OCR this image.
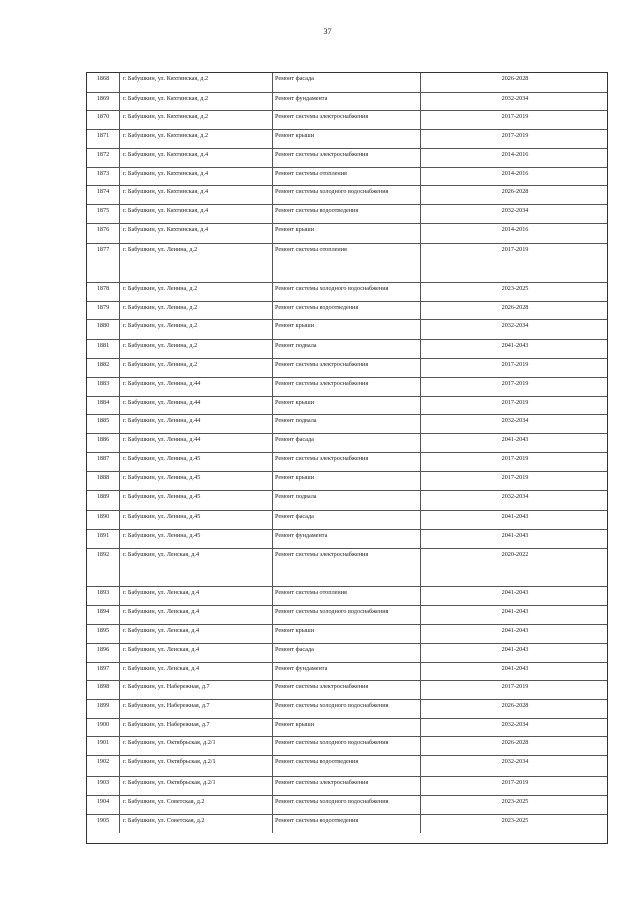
37
1868	г. Бабушкин, ул. Кяхтинская, д.2	Ремонт фасада	2026-2028
1869	г. Бабушкин, ул. Кяхтинская, д.2	Ремонт фундамента	2032-2034
1870	г. Бабушкин, ул. Кяхтинская, д.2	Ремонт системы электроснабжения	2017-2019
1871	г. Бабушкин, ул. Кяхтинская, д.2	Ремонт крыши	2017-2019
1872	г. Бабушкин, ул. Кяхтинская, д.4	Ремонт системы электроснабжения	2014-2016
1873	г. Бабушкин, ул. Кяхтинская, д.4	Ремонт системы отопления	2014-2016
1874	г. Бабушкин, ул. Кяхтинская, д.4	Ремонт системы холодного водоснабжения	2026-2028
1875	г. Бабушкин, ул. Кяхтинская, д.4	Ремонт системы водоотведения	2032-2034
1876	г. Бабушкин, ул. Кяхтинская, д.4	Ремонт крыши	2014-2016
1877	г. Бабушкин, ул. Ленина, д.2	Ремонт системы отопления	2017-2019
1878	г. Бабушкин, ул. Ленина, д.2	Ремонт системы холодного водоснабжения	2023-2025
1879	г. Бабушкин, ул. Ленина, д.2	Ремонт системы водоотведения	2026-2028
1880	г. Бабушкин, ул. Ленина, д.2	Ремонт крыши	2032-2034
1881	г. Бабушкин, ул. Ленина, д.2	Ремонт подвала	2041-2043
1882	г. Бабушкин, ул. Ленина, д.2	Ремонт системы электроснабжения	2017-2019
1883	г. Бабушкин, ул. Ленина, д.44	Ремонт системы электроснабжения	2017-2019
1884	г. Бабушкин, ул. Ленина, д.44	Ремонт крыши	2017-2019
1885	г. Бабушкин, ул. Ленина, д.44	Ремонт подвала	2032-2034
1886	г. Бабушкин, ул. Ленина, д.44	Ремонт фасада	2041-2043
1887	г. Бабушкин, ул. Ленина, д.45	Ремонт системы электроснабжения	2017-2019
1888	г. Бабушкин, ул. Ленина, д.45	Ремонт крыши	2017-2019
1889	г. Бабушкин, ул. Ленина, д.45	Ремонт подвала	2032-2034
1890	г. Бабушкин, ул. Ленина, д.45	Ремонт фасада	2041-2043
1891	г. Бабушкин, ул. Ленина, д.45	Ремонт фундамента	2041-2043
1892	г. Бабушкин, ул. Ленская, д.4	Ремонт системы электроснабжения	2020-2022
1893	г. Бабушкин, ул. Ленская, д.4	Ремонт системы отопления	2041-2043
1894	г. Бабушкин, ул. Ленская, д.4	Ремонт системы холодного водоснабжения	2041-2043
1895	г. Бабушкин, ул. Ленская, д.4	Ремонт крыши	2041-2043
1896	г. Бабушкин, ул. Ленская, д.4	Ремонт фасада	2041-2043
1897	г. Бабушкин, ул. Ленская, д.4	Ремонт фундамента	2041-2043
1898	г. Бабушкин, ул. Набережная, д.7	Ремонт системы электроснабжения	2017-2019
1899	г. Бабушкин, ул. Набережная, д.7	Ремонт системы холодного водоснабжения	2026-2028
1900	г. Бабушкин, ул. Набережная, д.7	Ремонт крыши	2032-2034
1901	г. Бабушкин, ул. Октябрьская, д.2/1	Ремонт системы холодного водоснабжения	2026-2028
1902	г. Бабушкин, ул. Октябрьская, д.2/1	Ремонт системы водоотведения	2032-2034
1903	г. Бабушкин, ул. Октябрьская, д.2/1	Ремонт системы электроснабжения	2017-2019
1904	г. Бабушкин, ул. Советская, д.2	Ремонт системы холодного водоснабжения	2023-2025
1905	г. Бабушкин, ул. Советская, д.2	Ремонт системы водоотведения	2023-2025
